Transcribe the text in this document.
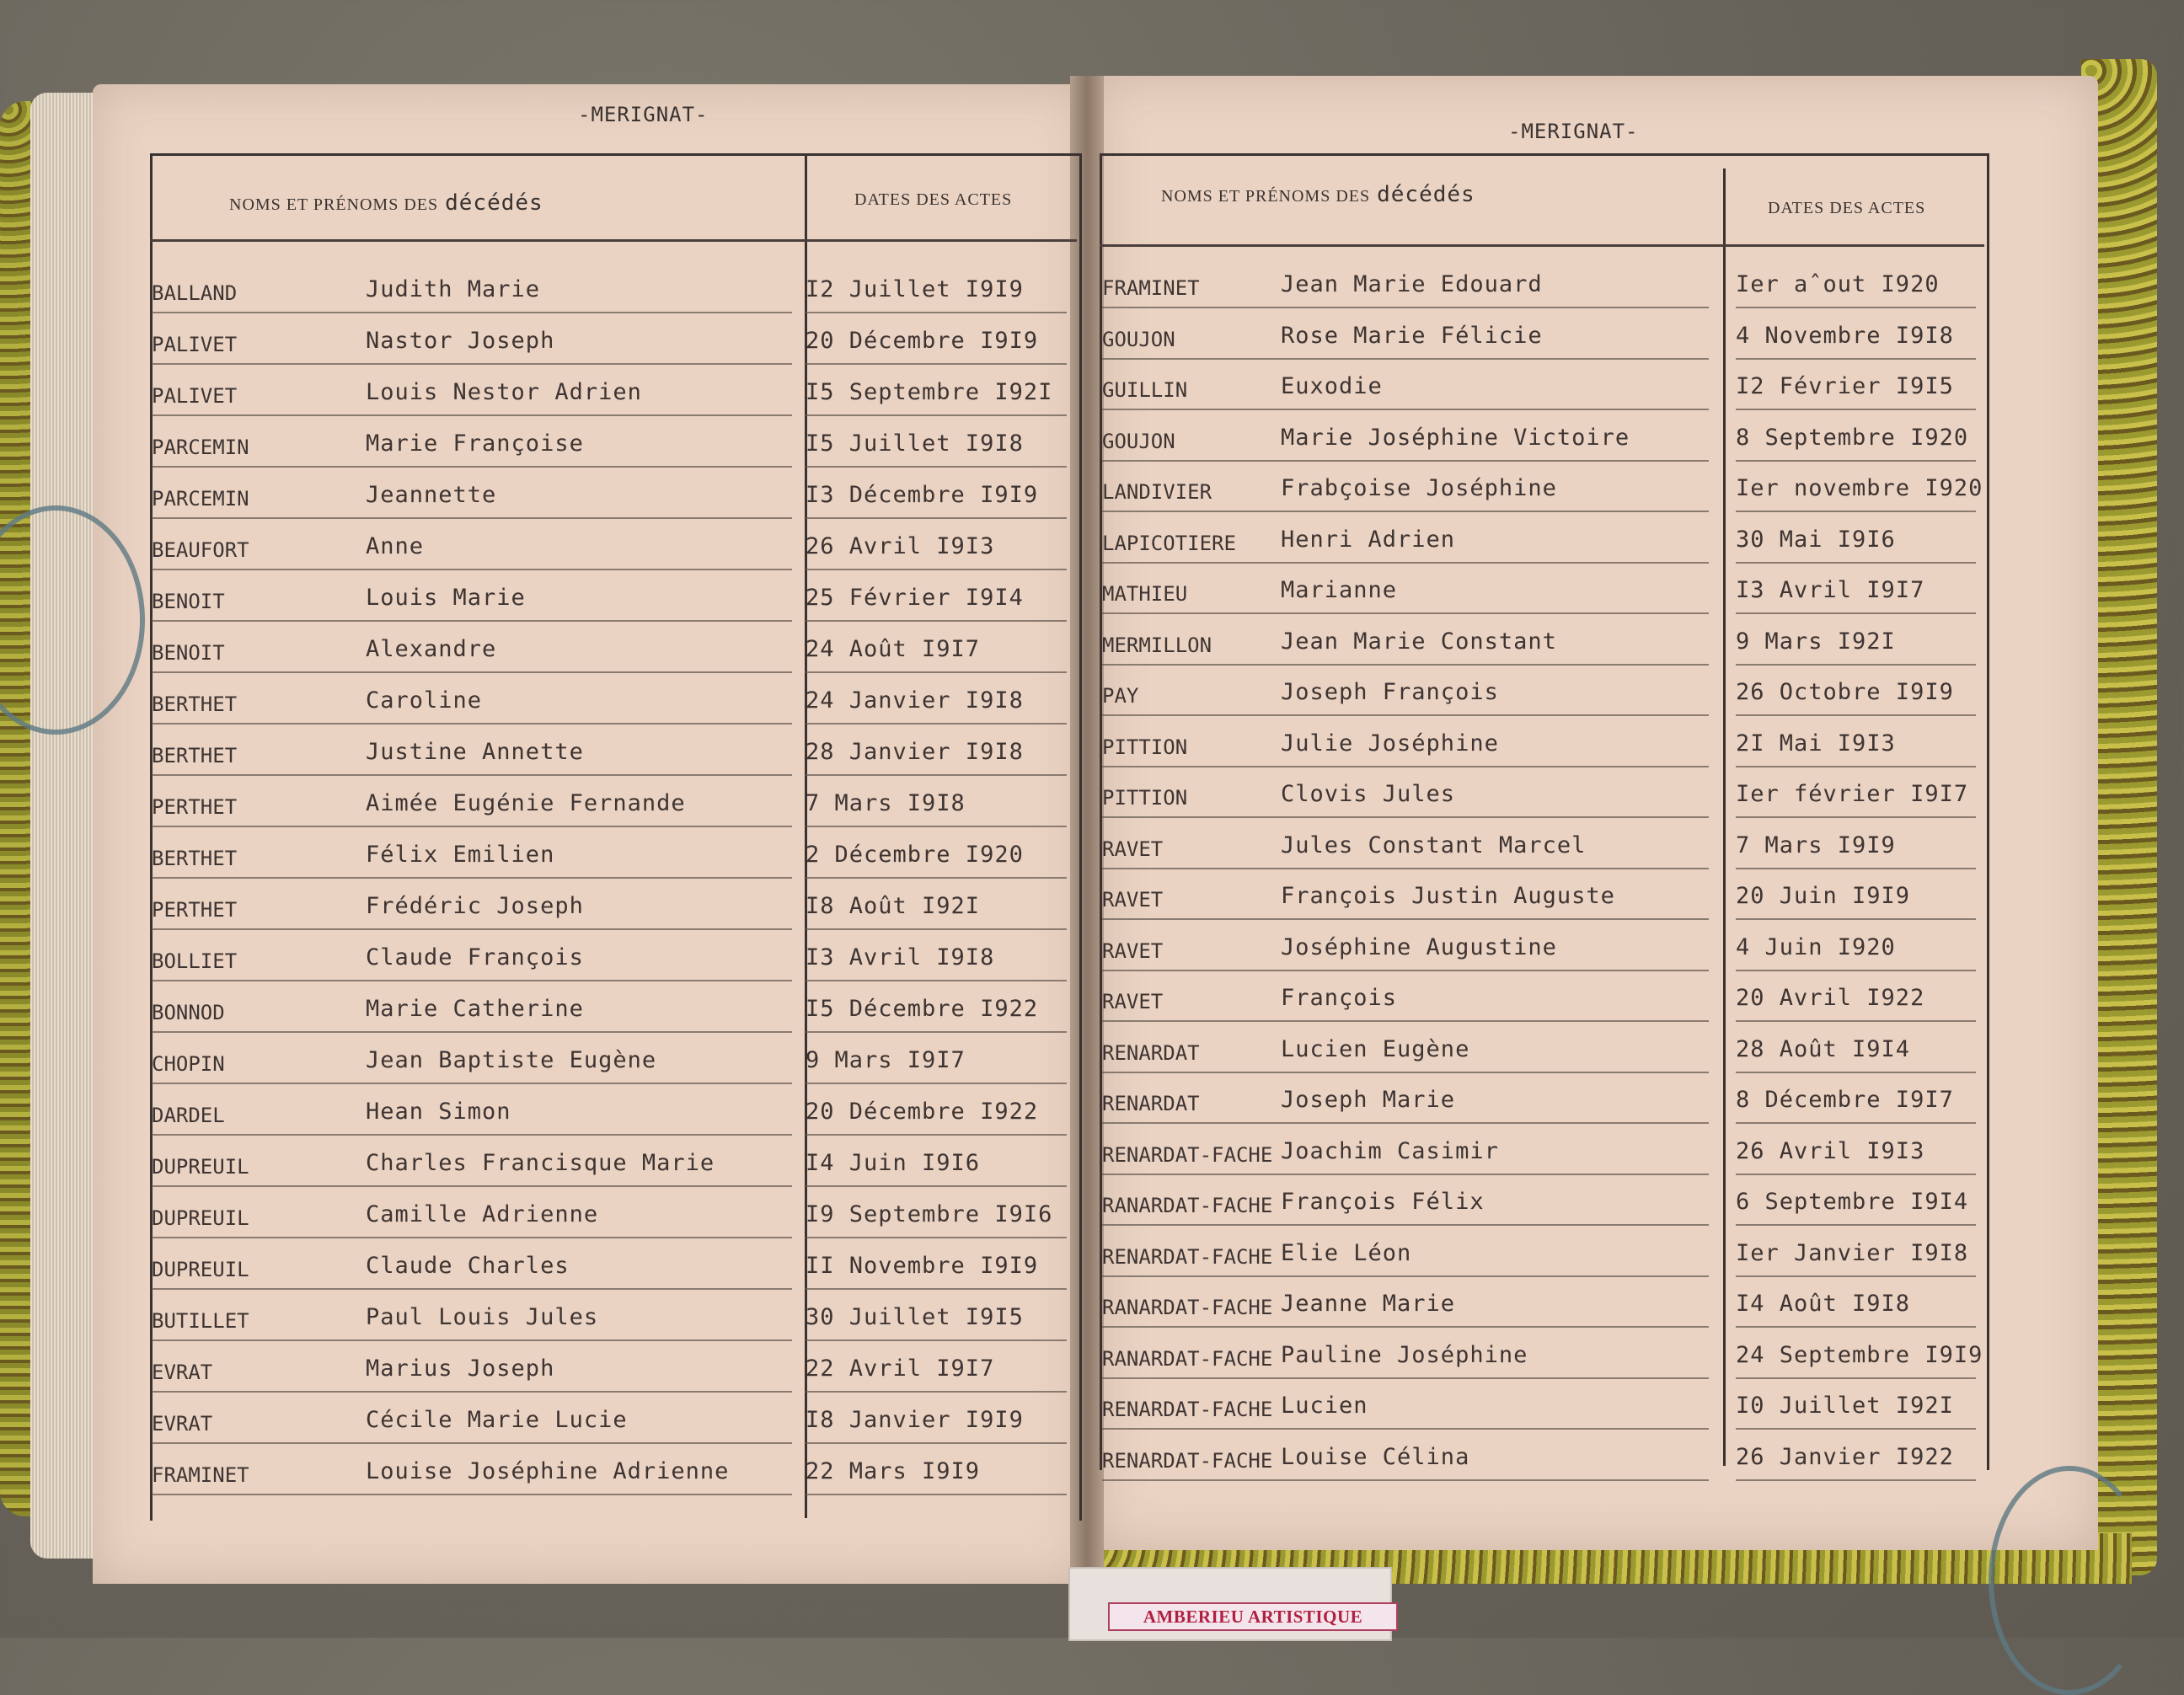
AMBERIEU ARTISTIQUE
-MERIGNAT-
NOMS ET PRÉNOMS DES décédés	DATES DES ACTES
BALLAND	Judith Marie	I2 Juillet I9I9
PALIVET	Nastor Joseph	20 Décembre I9I9
PALIVET	Louis Nestor Adrien	I5 Septembre I92I
PARCEMIN	Marie Françoise	I5 Juillet I9I8
PARCEMIN	Jeannette	I3 Décembre I9I9
BEAUFORT	Anne	26 Avril I9I3
BENOIT	Louis Marie	25 Février I9I4
BENOIT	Alexandre	24 Août I9I7
BERTHET	Caroline	24 Janvier I9I8
BERTHET	Justine Annette	28 Janvier I9I8
PERTHET	Aimée Eugénie Fernande	7 Mars I9I8
BERTHET	Félix Emilien	2 Décembre I920
PERTHET	Frédéric Joseph	I8 Août I92I
BOLLIET	Claude François	I3 Avril I9I8
BONNOD	Marie Catherine	I5 Décembre I922
CHOPIN	Jean Baptiste Eugène	9 Mars I9I7
DARDEL	Hean Simon	20 Décembre I922
DUPREUIL	Charles Francisque Marie	I4 Juin I9I6
DUPREUIL	Camille Adrienne	I9 Septembre I9I6
DUPREUIL	Claude Charles	II Novembre I9I9
BUTILLET	Paul Louis Jules	30 Juillet I9I5
EVRAT	Marius Joseph	22 Avril I9I7
EVRAT	Cécile Marie Lucie	I8 Janvier I9I9
FRAMINET	Louise Joséphine Adrienne	22 Mars I9I9
-MERIGNAT-
NOMS ET PRÉNOMS DES décédés
DATES DES ACTES
FRAMINET	Jean Marie Edouard	Ier aˆout I920
GOUJON	Rose Marie Félicie	4 Novembre I9I8
GUILLIN	Euxodie	I2 Février I9I5
GOUJON	Marie Joséphine Victoire	8 Septembre I920
LANDIVIER	Frabçoise Joséphine	Ier novembre I920
LAPICOTIERE Henri Adrien	30 Mai I9I6
MATHIEU	Marianne	I3 Avril I9I7
MERMILLON	Jean Marie Constant	9 Mars I92I
PAY	Joseph François	26 Octobre I9I9
PITTION	Julie Joséphine	2I Mai I9I3
PITTION	Clovis Jules	Ier février I9I7
RAVET	Jules Constant Marcel	7 Mars I9I9
RAVET	François Justin Auguste	20 Juin I9I9
RAVET	Joséphine Augustine	4 Juin I920
RAVET	François	20 Avril I922
RENARDAT	Lucien Eugène	28 Août I9I4
RENARDAT	Joseph Marie	8 Décembre I9I7
RENARDAT-FACHE Joachim Casimir	26 Avril I9I3
RANARDAT-FACHE François Félix	6 Septembre I9I4
RENARDAT-FACHE Elie Léon	Ier Janvier I9I8
RANARDAT-FACHE Jeanne Marie	I4 Août I9I8
RANARDAT-FACHE Pauline Joséphine	24 Septembre I9I9
RENARDAT-FACHE Lucien	I0 Juillet I92I
RENARDAT-FACHE Louise Célina	26 Janvier I922
